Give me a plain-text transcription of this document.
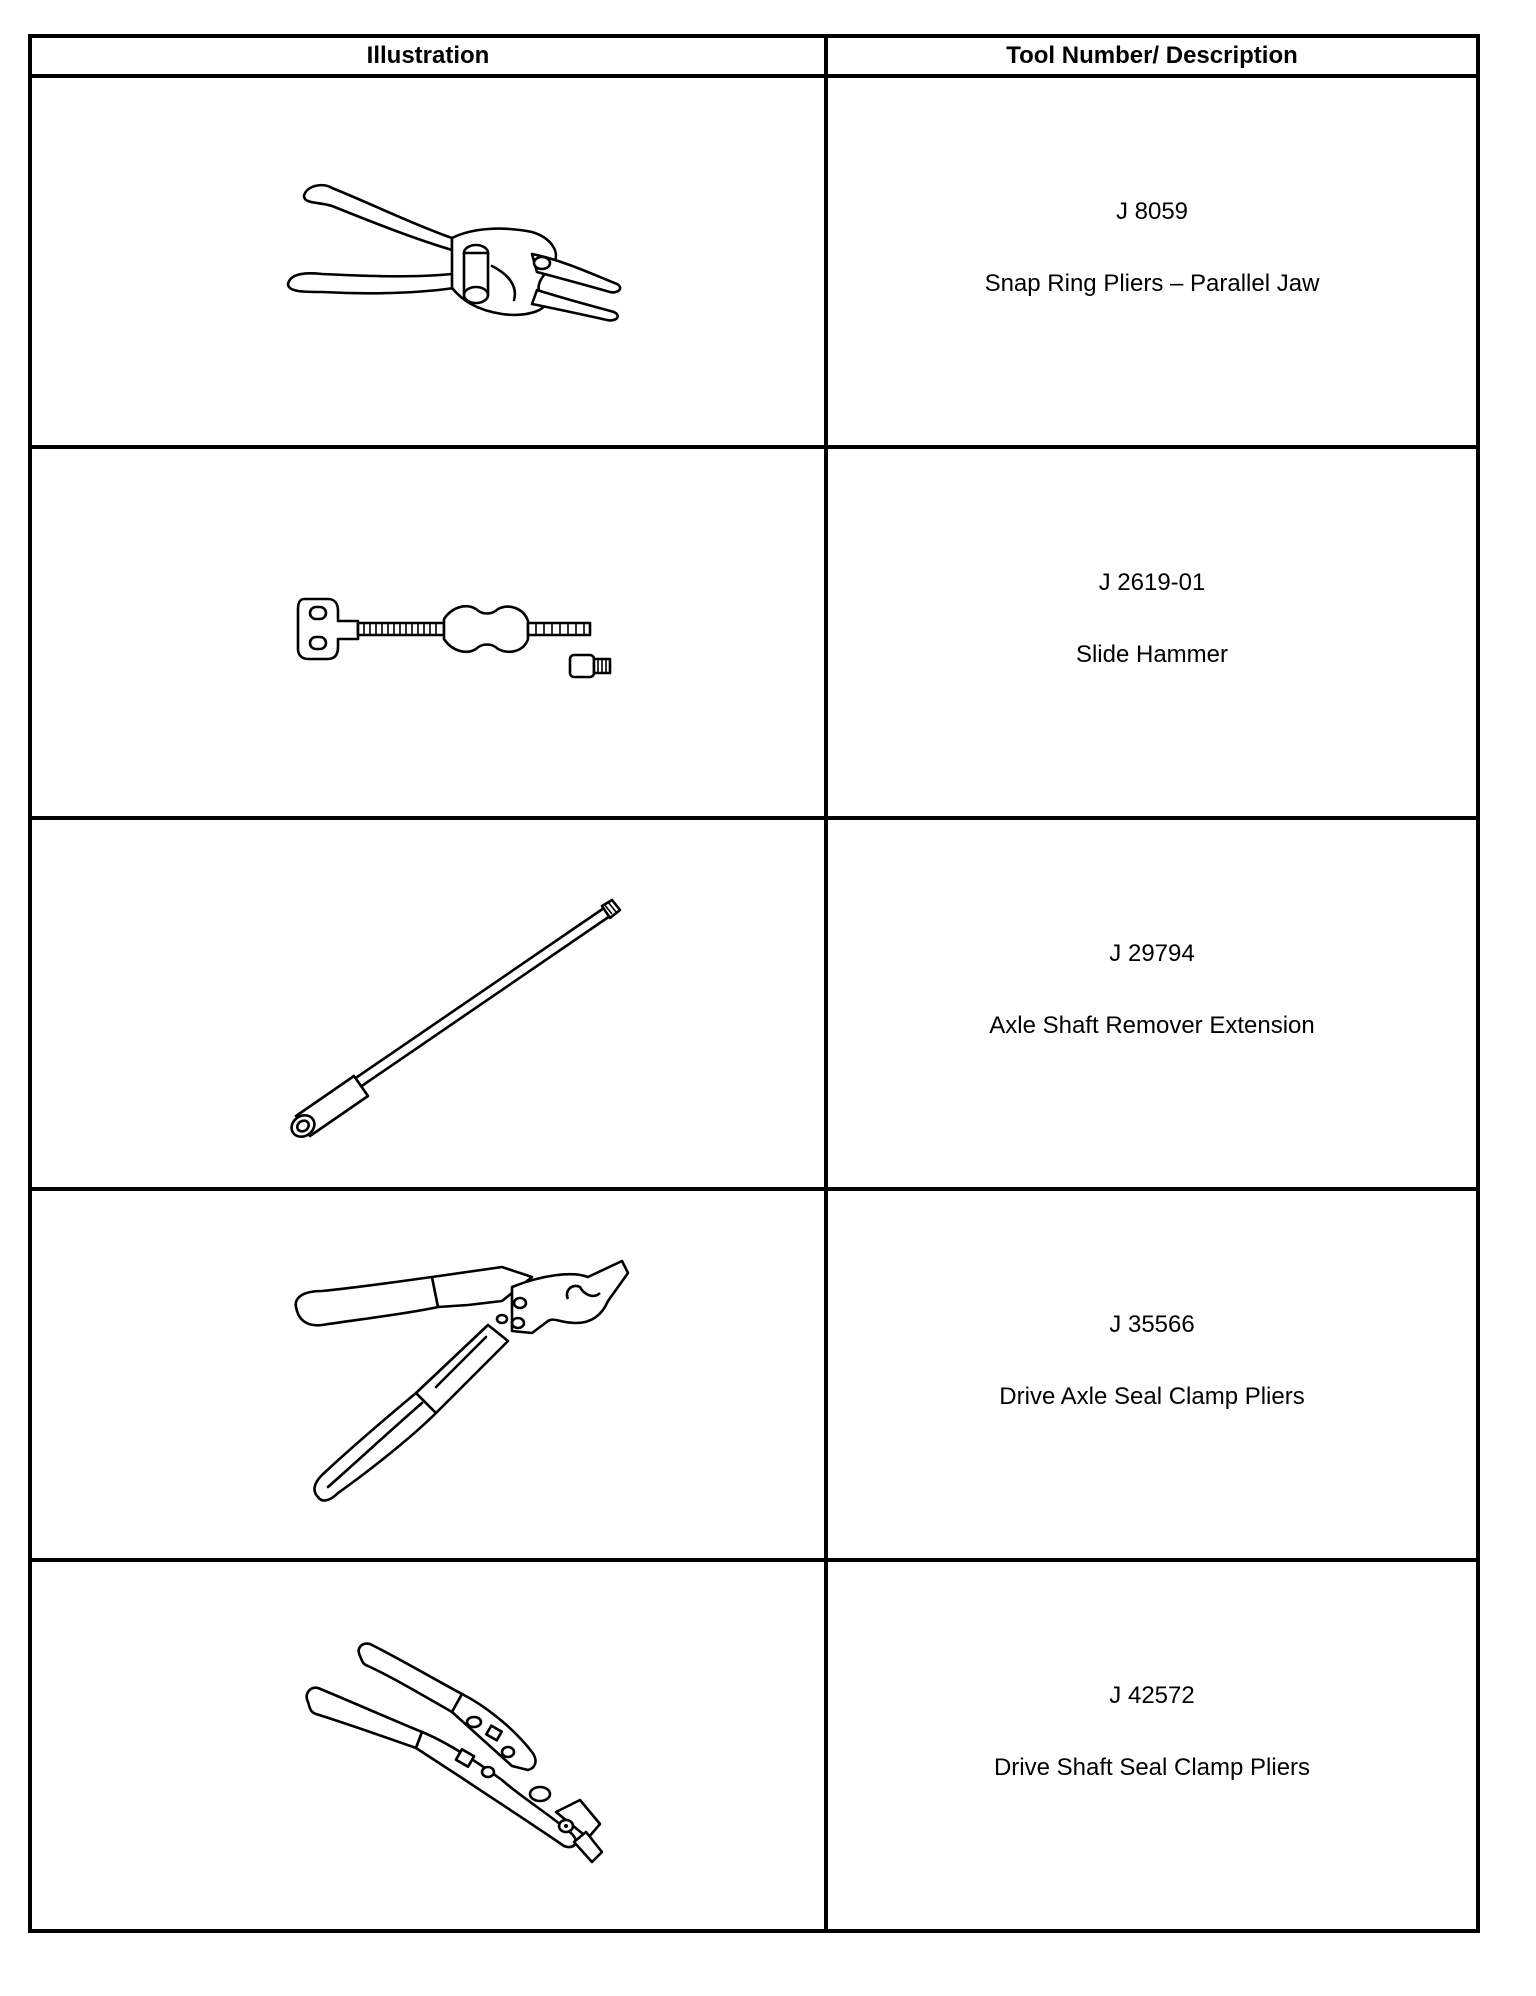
Illustration	Tool Number/ Description

J 8059
Snap Ring Pliers – Parallel Jaw

J 2619-01
Slide Hammer

J 29794
Axle Shaft Remover Extension

J 35566
Drive Axle Seal Clamp Pliers

J 42572
Drive Shaft Seal Clamp Pliers
